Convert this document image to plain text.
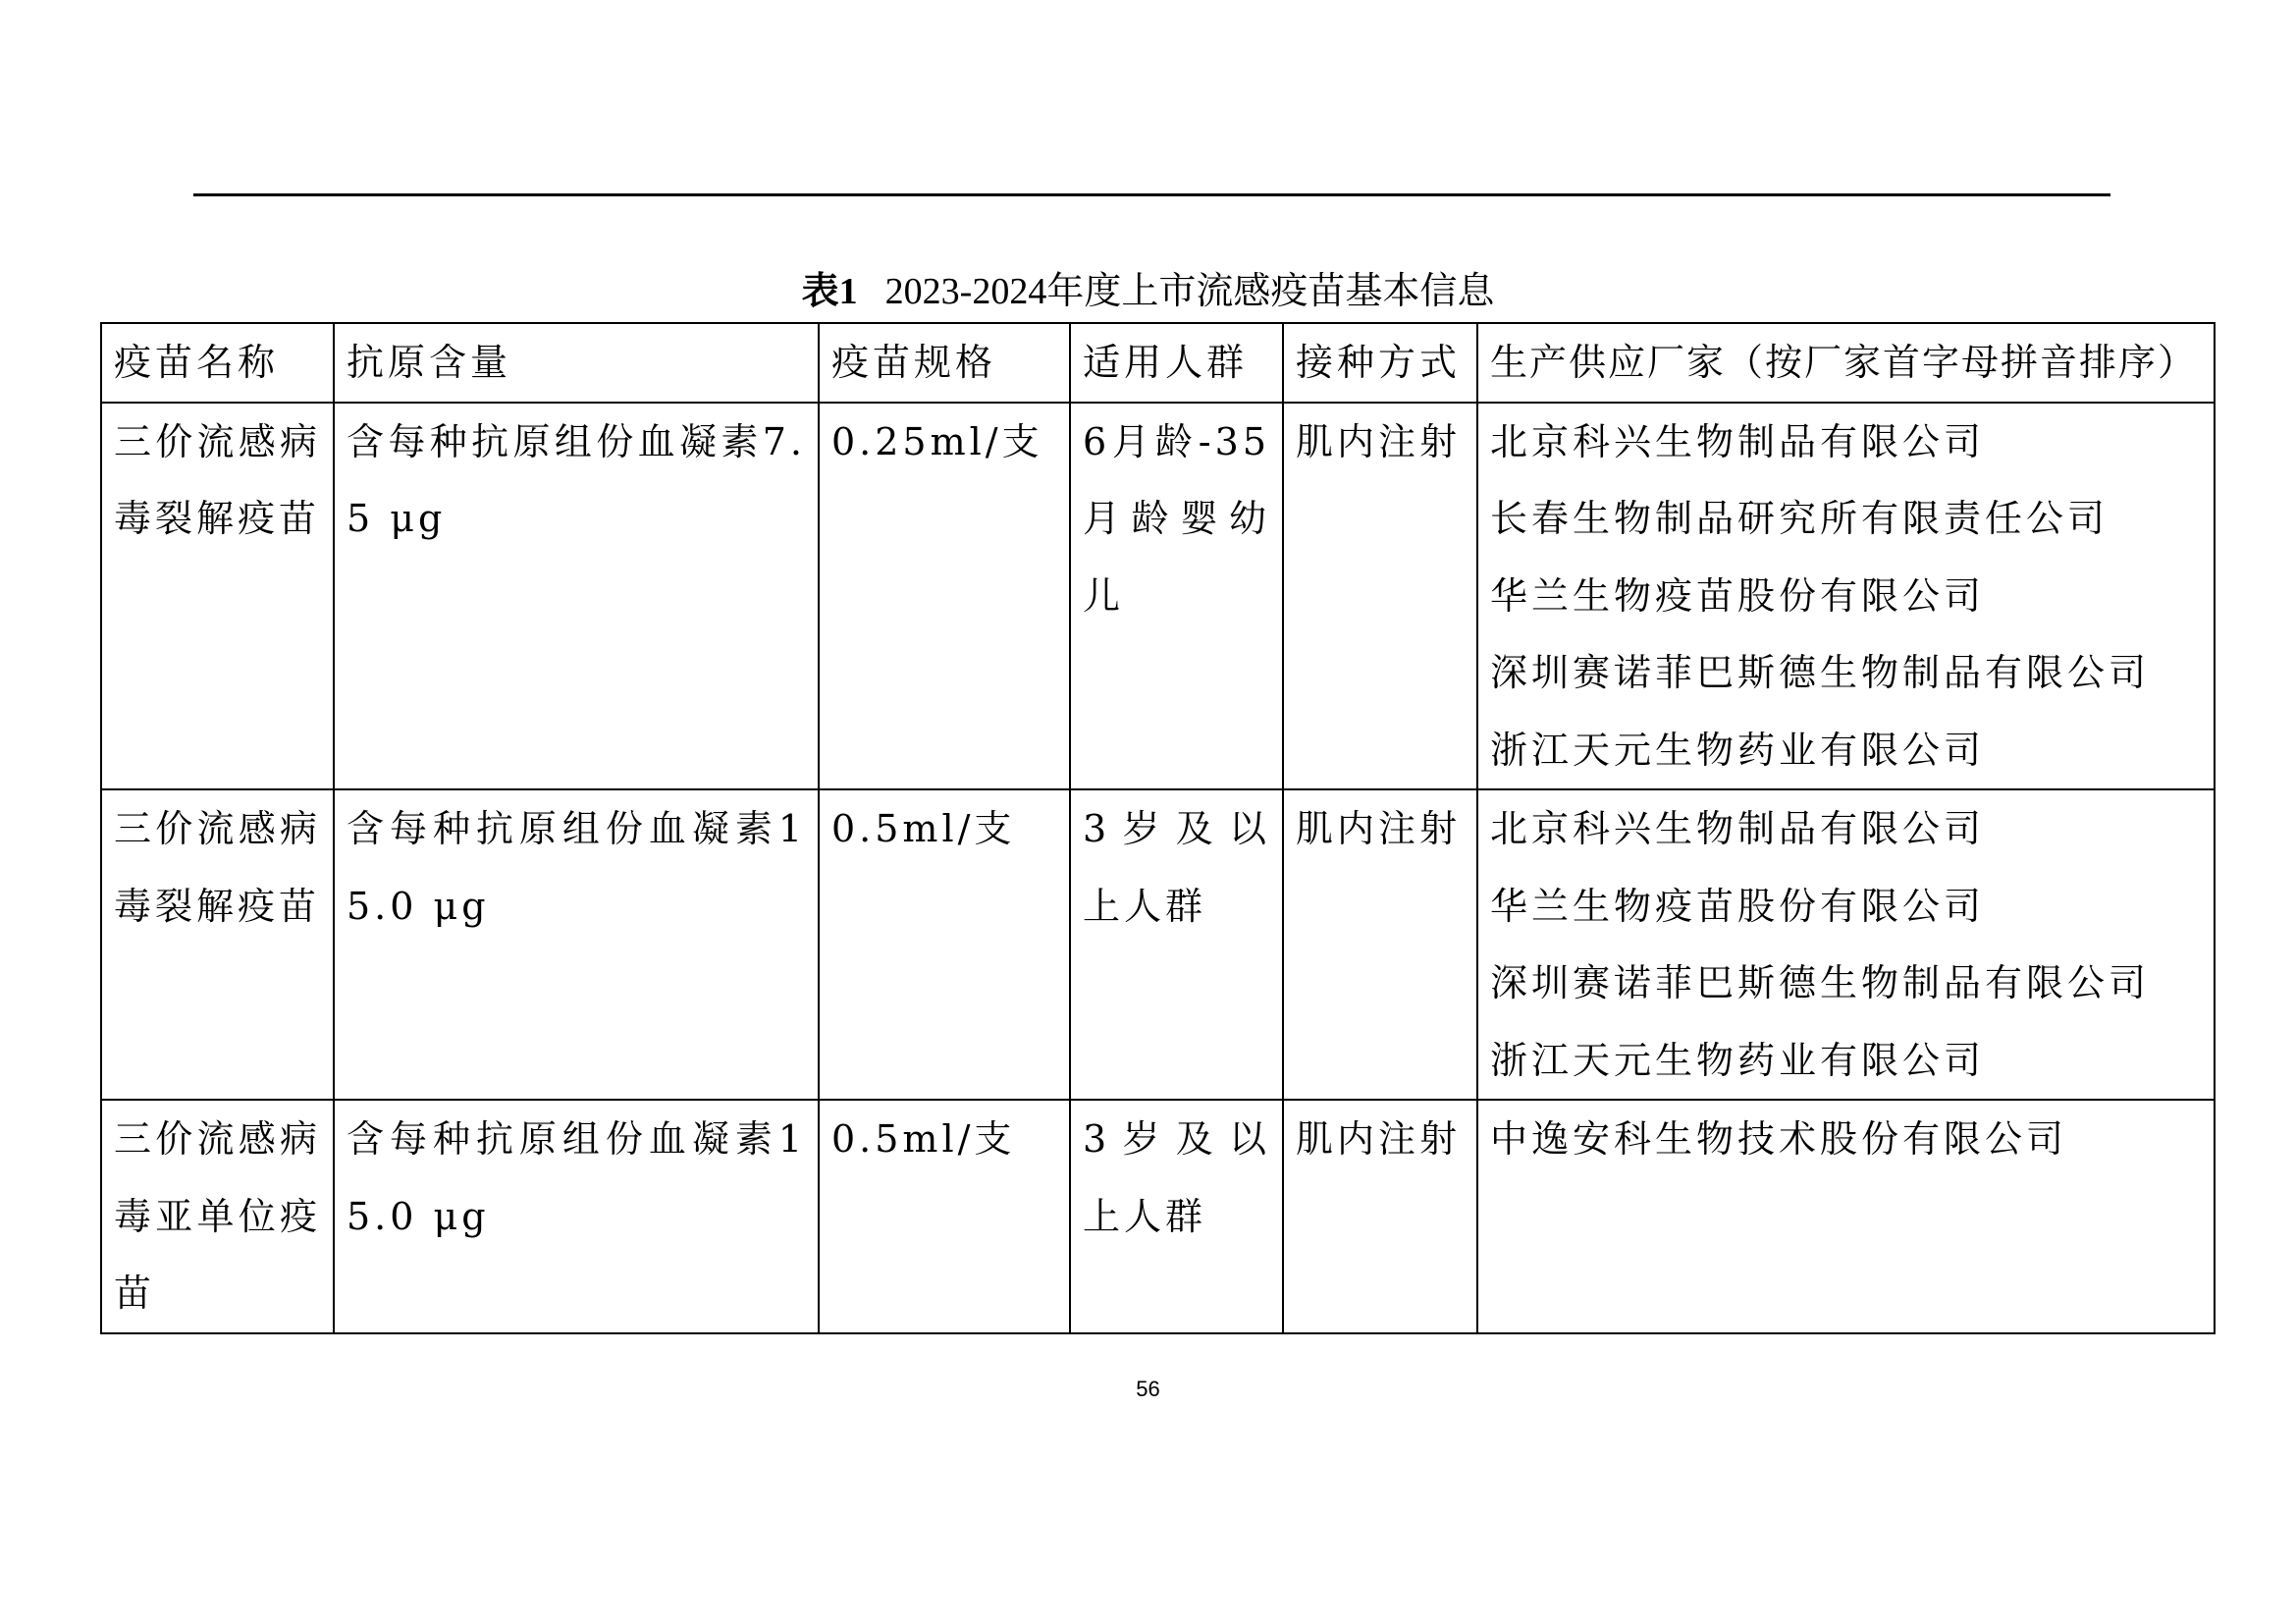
表1 2023-2024年度上市流感疫苗基本信息
疫苗名称	抗原含量	疫苗规格	适用人群	接种方式	生产供应厂家（按厂家首字母拼音排序）
三价流感病毒裂解疫苗	含每种抗原组份血凝素7.5 μg	0.25ml/支	6月龄-35月龄婴幼儿	肌内注射	北京科兴生物制品有限公司
长春生物制品研究所有限责任公司
华兰生物疫苗股份有限公司
深圳赛诺菲巴斯德生物制品有限公司
浙江天元生物药业有限公司

三价流感病毒裂解疫苗	含每种抗原组份血凝素15.0 μg	0.5ml/支	3岁及以上人群	肌内注射	北京科兴生物制品有限公司
华兰生物疫苗股份有限公司
深圳赛诺菲巴斯德生物制品有限公司
浙江天元生物药业有限公司

三价流感病毒亚单位疫苗	含每种抗原组份血凝素15.0 μg	0.5ml/支	3岁及以上人群	肌内注射	中逸安科生物技术股份有限公司
56
